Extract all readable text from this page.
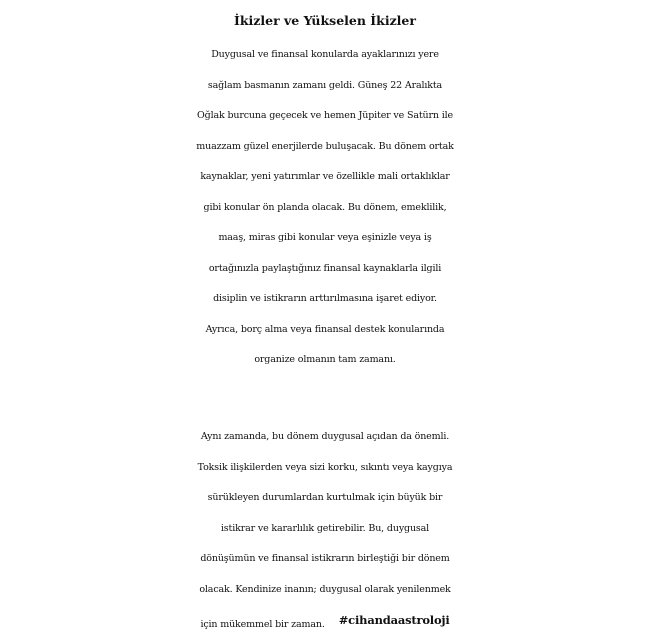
İkizler ve Yükselen İkizler
Duygusal ve finansal konularda ayaklarınızı yere
sağlam basmanın zamanı geldi. Güneş 22 Aralıkta
Oğlak burcuna geçecek ve hemen Jüpiter ve Satürn ile
muazzam güzel enerjilerde buluşacak. Bu dönem ortak
kaynaklar, yeni yatırımlar ve özellikle mali ortaklıklar
gibi konular ön planda olacak. Bu dönem, emeklilik,
maaş, miras gibi konular veya eşinizle veya iş
ortağınızla paylaştığınız finansal kaynaklarla ilgili
disiplin ve istikrarın arttırılmasına işaret ediyor.
Ayrıca, borç alma veya finansal destek konularında
organize olmanın tam zamanı.
Aynı zamanda, bu dönem duygusal açıdan da önemli.
Toksik ilişkilerden veya sizi korku, sıkıntı veya kaygıya
sürükleyen durumlardan kurtulmak için büyük bir
istikrar ve kararlılık getirebilir. Bu, duygusal
dönüşümün ve finansal istikrarın birleştiği bir dönem
olacak. Kendinize inanın; duygusal olarak yenilenmek
için mükemmel bir zaman. #cihandaastroloji
